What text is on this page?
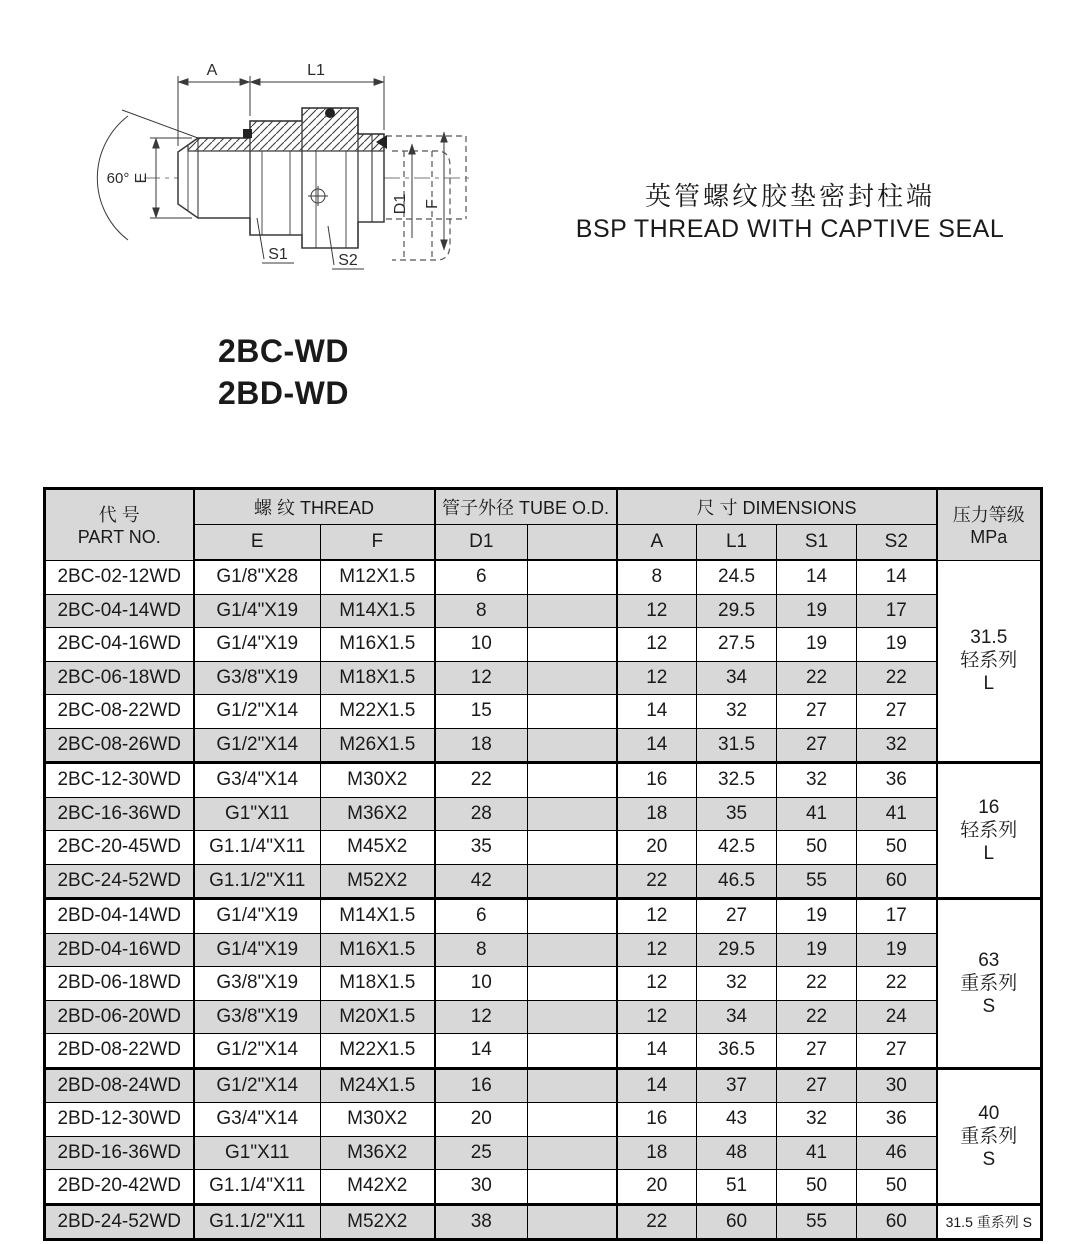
A	L1
60° E
D1 F
S1	S2
英管螺纹胶垫密封柱端
BSP THREAD WITH CAPTIVE SEAL
2BC-WD
2BD-WD
代 号
PART NO.
	螺 纹 THREAD	管子外径 TUBE O.D.	尺 寸 DIMENSIONS	压力等级
MPa

	E	F	D1		A	L1	S1	S2	
2BC-02-12WD	G1/8"X28	M12X1.5	6		8	24.5	14	14	31.5
轻系列
L

2BC-04-14WD	G1/4"X19	M14X1.5	8		12	29.5	19	17	
2BC-04-16WD	G1/4"X19	M16X1.5	10		12	27.5	19	19	
2BC-06-18WD	G3/8"X19	M18X1.5	12		12	34	22	22	
2BC-08-22WD	G1/2"X14	M22X1.5	15		14	32	27	27	
2BC-08-26WD	G1/2"X14	M26X1.5	18		14	31.5	27	32	
2BC-12-30WD	G3/4"X14	M30X2	22		16	32.5	32	36	16
轻系列
L

2BC-16-36WD	G1"X11	M36X2	28		18	35	41	41	
2BC-20-45WD	G1.1/4"X11	M45X2	35		20	42.5	50	50	
2BC-24-52WD	G1.1/2"X11	M52X2	42		22	46.5	55	60	
2BD-04-14WD	G1/4"X19	M14X1.5	6		12	27	19	17	63
重系列
S

2BD-04-16WD	G1/4"X19	M16X1.5	8		12	29.5	19	19	
2BD-06-18WD	G3/8"X19	M18X1.5	10		12	32	22	22	
2BD-06-20WD	G3/8"X19	M20X1.5	12		12	34	22	24	
2BD-08-22WD	G1/2"X14	M22X1.5	14		14	36.5	27	27	
2BD-08-24WD	G1/2"X14	M24X1.5	16		14	37	27	30	40
重系列
S

2BD-12-30WD	G3/4"X14	M30X2	20		16	43	32	36	
2BD-16-36WD	G1"X11	M36X2	25		18	48	41	46	
2BD-20-42WD	G1.1/4"X11	M42X2	30		20	51	50	50	
2BD-24-52WD	G1.1/2"X11	M52X2	38		22	60	55	60	31.5 重系列 S
